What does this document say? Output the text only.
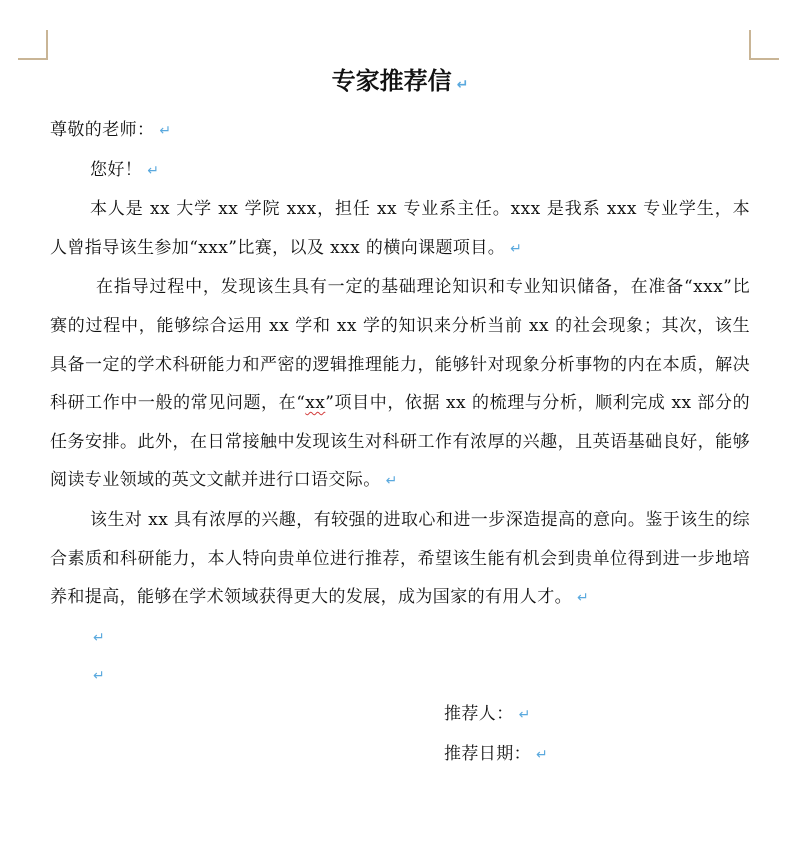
专家推荐信 ↵

尊敬的老师： ↵

您好！ ↵

本人是 xx 大学 xx 学院 xxx，担任 xx 专业系主任。xxx 是我系 xxx 专业学生，本人曾指导该生参加“xxx”比赛，以及 xxx 的横向课题项目。 ↵

在指导过程中，发现该生具有一定的基础理论知识和专业知识储备，在准备“xxx”比赛的过程中，能够综合运用 xx 学和 xx 学的知识来分析当前 xx 的社会现象；其次，该生具备一定的学术科研能力和严密的逻辑推理能力，能够针对现象分析事物的内在本质，解决科研工作中一般的常见问题，在“xx”项目中，依据 xx 的梳理与分析，顺利完成 xx 部分的任务安排。此外，在日常接触中发现该生对科研工作有浓厚的兴趣，且英语基础良好，能够阅读专业领域的英文文献并进行口语交际。 ↵

该生对 xx 具有浓厚的兴趣，有较强的进取心和进一步深造提高的意向。鉴于该生的综合素质和科研能力，本人特向贵单位进行推荐，希望该生能有机会到贵单位得到进一步地培养和提高，能够在学术领域获得更大的发展，成为国家的有用人才。 ↵

↵
↵

推荐人： ↵

推荐日期： ↵
